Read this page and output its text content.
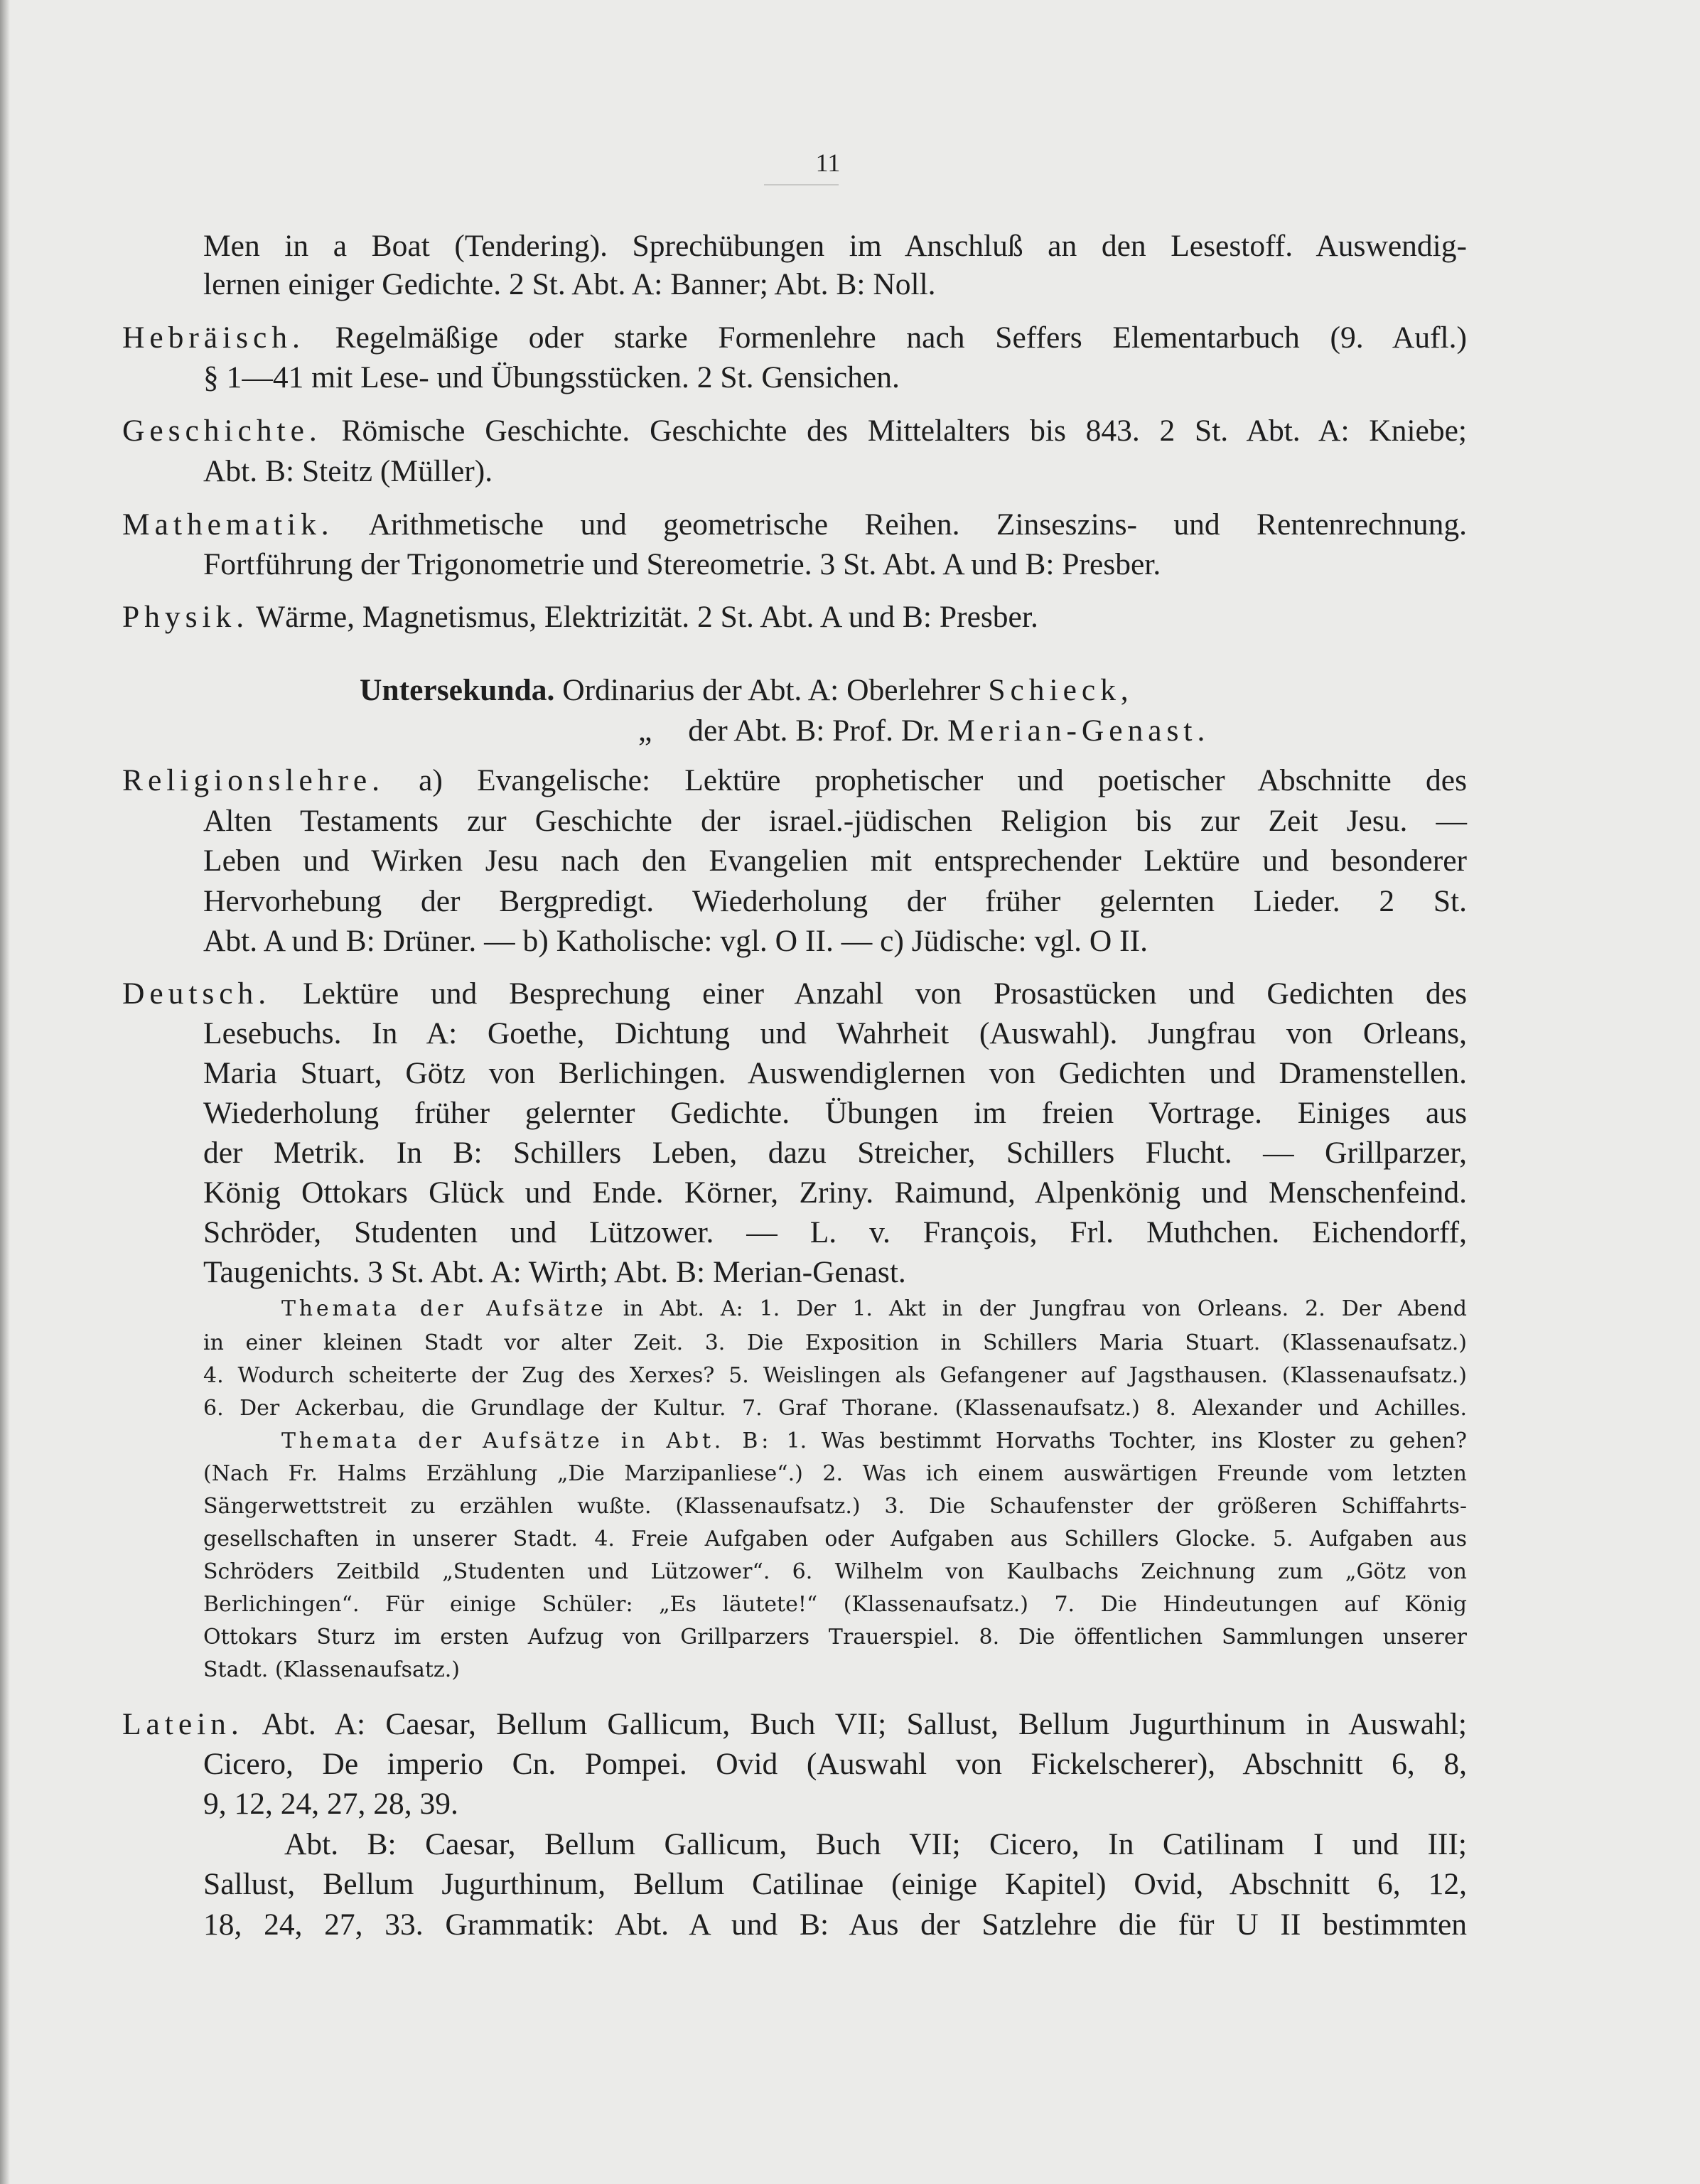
11
Men in a Boat (Tendering). Sprechübungen im Anschluß an den Lesestoff. Auswendig-
lernen einiger Gedichte. 2 St. Abt. A: Banner; Abt. B: Noll.
Hebräisch. Regelmäßige oder starke Formenlehre nach Seffers Elementarbuch (9. Aufl.)
§ 1—41 mit Lese- und Übungsstücken. 2 St. Gensichen.
Geschichte. Römische Geschichte. Geschichte des Mittelalters bis 843. 2 St. Abt. A: Kniebe;
Abt. B: Steitz (Müller).
Mathematik. Arithmetische und geometrische Reihen. Zinseszins- und Rentenrechnung.
Fortführung der Trigonometrie und Stereometrie. 3 St. Abt. A und B: Presber.
Physik. Wärme, Magnetismus, Elektrizität. 2 St. Abt. A und B: Presber.
Untersekunda. Ordinarius der Abt. A: Oberlehrer Schieck,
„ der Abt. B: Prof. Dr. Merian-Genast.
Religionslehre. a) Evangelische: Lektüre prophetischer und poetischer Abschnitte des
Alten Testaments zur Geschichte der israel.-jüdischen Religion bis zur Zeit Jesu. —
Leben und Wirken Jesu nach den Evangelien mit entsprechender Lektüre und besonderer
Hervorhebung der Bergpredigt. Wiederholung der früher gelernten Lieder. 2 St.
Abt. A und B: Drüner. — b) Katholische: vgl. O II. — c) Jüdische: vgl. O II.
Deutsch. Lektüre und Besprechung einer Anzahl von Prosastücken und Gedichten des
Lesebuchs. In A: Goethe, Dichtung und Wahrheit (Auswahl). Jungfrau von Orleans,
Maria Stuart, Götz von Berlichingen. Auswendiglernen von Gedichten und Dramenstellen.
Wiederholung früher gelernter Gedichte. Übungen im freien Vortrage. Einiges aus
der Metrik. In B: Schillers Leben, dazu Streicher, Schillers Flucht. — Grillparzer,
König Ottokars Glück und Ende. Körner, Zriny. Raimund, Alpenkönig und Menschenfeind.
Schröder, Studenten und Lützower. — L. v. François, Frl. Muthchen. Eichendorff,
Taugenichts. 3 St. Abt. A: Wirth; Abt. B: Merian-Genast.
Themata der Aufsätze in Abt. A: 1. Der 1. Akt in der Jungfrau von Orleans. 2. Der Abend
in einer kleinen Stadt vor alter Zeit. 3. Die Exposition in Schillers Maria Stuart. (Klassenaufsatz.)
4. Wodurch scheiterte der Zug des Xerxes? 5. Weislingen als Gefangener auf Jagsthausen. (Klassenaufsatz.)
6. Der Ackerbau, die Grundlage der Kultur. 7. Graf Thorane. (Klassenaufsatz.) 8. Alexander und Achilles.
Themata der Aufsätze in Abt. B: 1. Was bestimmt Horvaths Tochter, ins Kloster zu gehen?
(Nach Fr. Halms Erzählung „Die Marzipanliese“.) 2. Was ich einem auswärtigen Freunde vom letzten
Sängerwettstreit zu erzählen wußte. (Klassenaufsatz.) 3. Die Schaufenster der größeren Schiffahrts-
gesellschaften in unserer Stadt. 4. Freie Aufgaben oder Aufgaben aus Schillers Glocke. 5. Aufgaben aus
Schröders Zeitbild „Studenten und Lützower“. 6. Wilhelm von Kaulbachs Zeichnung zum „Götz von
Berlichingen“. Für einige Schüler: „Es läutete!“ (Klassenaufsatz.) 7. Die Hindeutungen auf König
Ottokars Sturz im ersten Aufzug von Grillparzers Trauerspiel. 8. Die öffentlichen Sammlungen unserer
Stadt. (Klassenaufsatz.)
Latein. Abt. A: Caesar, Bellum Gallicum, Buch VII; Sallust, Bellum Jugurthinum in Auswahl;
Cicero, De imperio Cn. Pompei. Ovid (Auswahl von Fickelscherer), Abschnitt 6, 8,
9, 12, 24, 27, 28, 39.
Abt. B: Caesar, Bellum Gallicum, Buch VII; Cicero, In Catilinam I und III;
Sallust, Bellum Jugurthinum, Bellum Catilinae (einige Kapitel) Ovid, Abschnitt 6, 12,
18, 24, 27, 33. Grammatik: Abt. A und B: Aus der Satzlehre die für U II bestimmten
